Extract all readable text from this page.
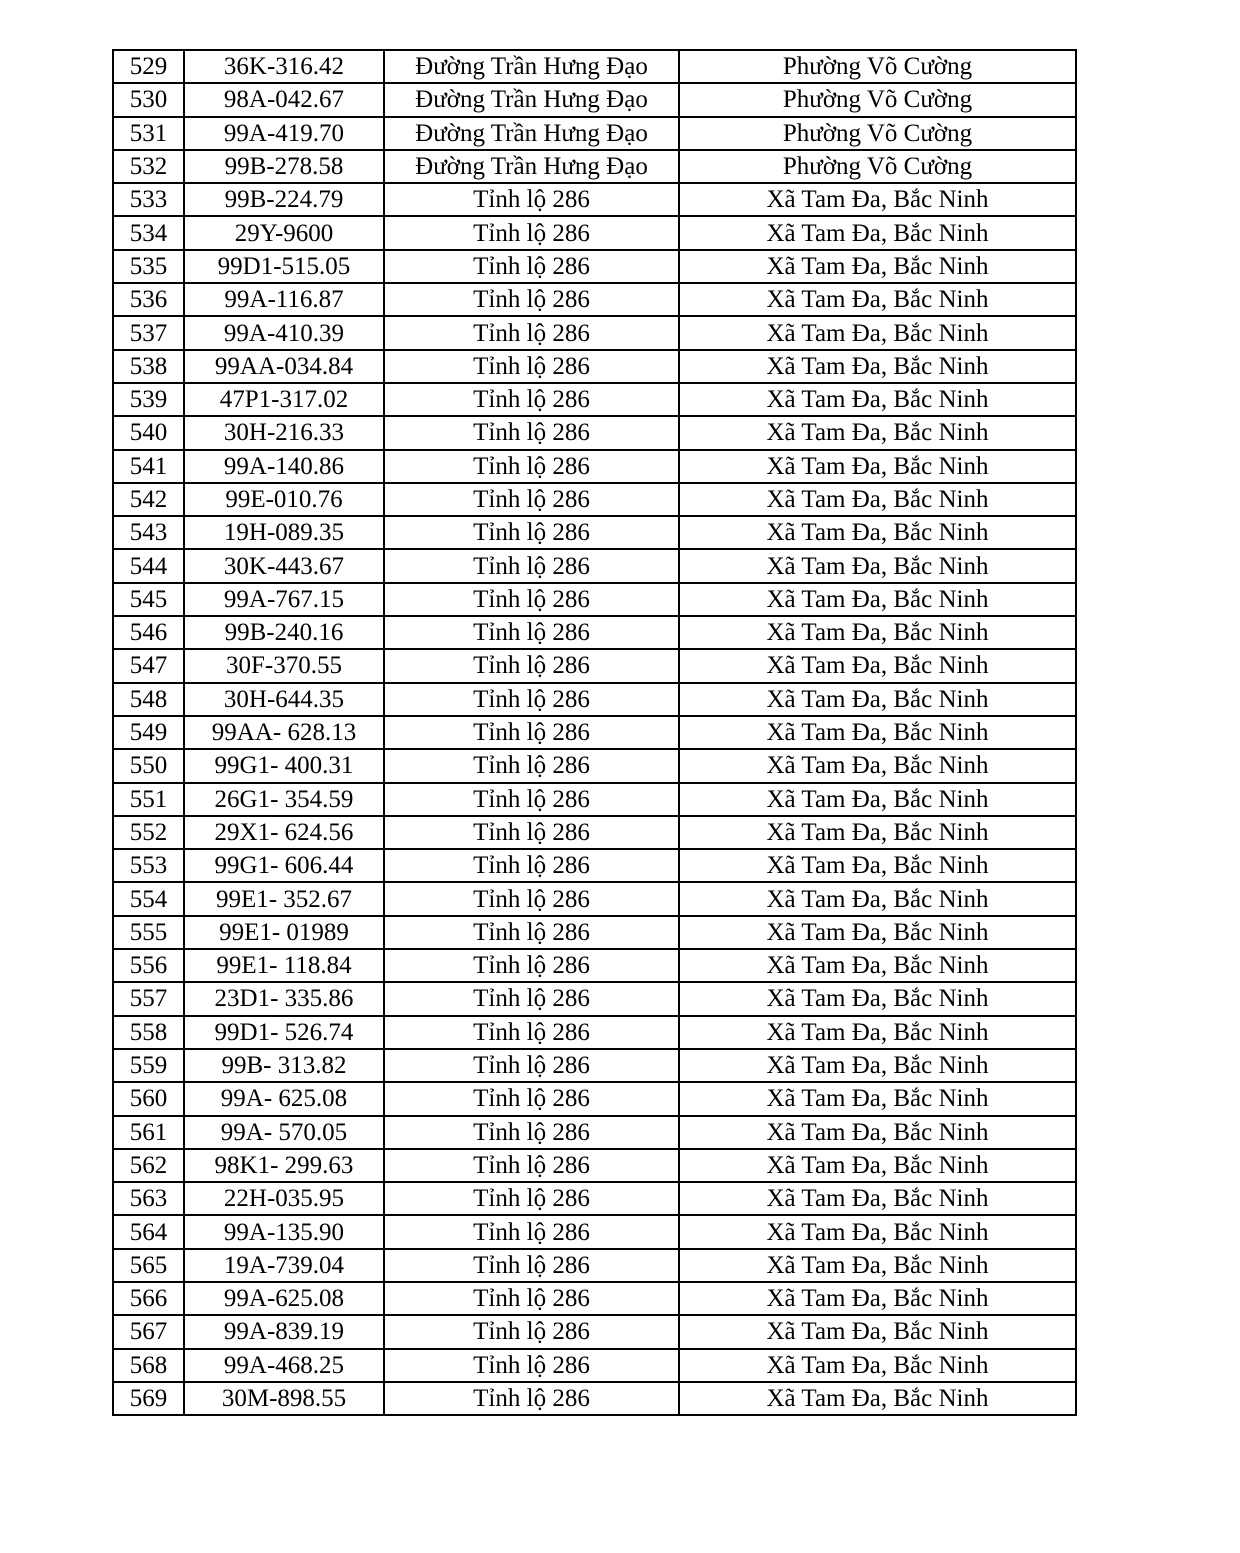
529	36K-316.42	Đường Trần Hưng Đạo	Phường Võ Cường
530	98A-042.67	Đường Trần Hưng Đạo	Phường Võ Cường
531	99A-419.70	Đường Trần Hưng Đạo	Phường Võ Cường
532	99B-278.58	Đường Trần Hưng Đạo	Phường Võ Cường
533	99B-224.79	Tỉnh lộ 286	Xã Tam Đa, Bắc Ninh
534	29Y-9600	Tỉnh lộ 286	Xã Tam Đa, Bắc Ninh
535	99D1-515.05	Tỉnh lộ 286	Xã Tam Đa, Bắc Ninh
536	99A-116.87	Tỉnh lộ 286	Xã Tam Đa, Bắc Ninh
537	99A-410.39	Tỉnh lộ 286	Xã Tam Đa, Bắc Ninh
538	99AA-034.84	Tỉnh lộ 286	Xã Tam Đa, Bắc Ninh
539	47P1-317.02	Tỉnh lộ 286	Xã Tam Đa, Bắc Ninh
540	30H-216.33	Tỉnh lộ 286	Xã Tam Đa, Bắc Ninh
541	99A-140.86	Tỉnh lộ 286	Xã Tam Đa, Bắc Ninh
542	99E-010.76	Tỉnh lộ 286	Xã Tam Đa, Bắc Ninh
543	19H-089.35	Tỉnh lộ 286	Xã Tam Đa, Bắc Ninh
544	30K-443.67	Tỉnh lộ 286	Xã Tam Đa, Bắc Ninh
545	99A-767.15	Tỉnh lộ 286	Xã Tam Đa, Bắc Ninh
546	99B-240.16	Tỉnh lộ 286	Xã Tam Đa, Bắc Ninh
547	30F-370.55	Tỉnh lộ 286	Xã Tam Đa, Bắc Ninh
548	30H-644.35	Tỉnh lộ 286	Xã Tam Đa, Bắc Ninh
549	99AA- 628.13	Tỉnh lộ 286	Xã Tam Đa, Bắc Ninh
550	99G1- 400.31	Tỉnh lộ 286	Xã Tam Đa, Bắc Ninh
551	26G1- 354.59	Tỉnh lộ 286	Xã Tam Đa, Bắc Ninh
552	29X1- 624.56	Tỉnh lộ 286	Xã Tam Đa, Bắc Ninh
553	99G1- 606.44	Tỉnh lộ 286	Xã Tam Đa, Bắc Ninh
554	99E1- 352.67	Tỉnh lộ 286	Xã Tam Đa, Bắc Ninh
555	99E1- 01989	Tỉnh lộ 286	Xã Tam Đa, Bắc Ninh
556	99E1- 118.84	Tỉnh lộ 286	Xã Tam Đa, Bắc Ninh
557	23D1- 335.86	Tỉnh lộ 286	Xã Tam Đa, Bắc Ninh
558	99D1- 526.74	Tỉnh lộ 286	Xã Tam Đa, Bắc Ninh
559	99B- 313.82	Tỉnh lộ 286	Xã Tam Đa, Bắc Ninh
560	99A- 625.08	Tỉnh lộ 286	Xã Tam Đa, Bắc Ninh
561	99A- 570.05	Tỉnh lộ 286	Xã Tam Đa, Bắc Ninh
562	98K1- 299.63	Tỉnh lộ 286	Xã Tam Đa, Bắc Ninh
563	22H-035.95	Tỉnh lộ 286	Xã Tam Đa, Bắc Ninh
564	99A-135.90	Tỉnh lộ 286	Xã Tam Đa, Bắc Ninh
565	19A-739.04	Tỉnh lộ 286	Xã Tam Đa, Bắc Ninh
566	99A-625.08	Tỉnh lộ 286	Xã Tam Đa, Bắc Ninh
567	99A-839.19	Tỉnh lộ 286	Xã Tam Đa, Bắc Ninh
568	99A-468.25	Tỉnh lộ 286	Xã Tam Đa, Bắc Ninh
569	30M-898.55	Tỉnh lộ 286	Xã Tam Đa, Bắc Ninh
